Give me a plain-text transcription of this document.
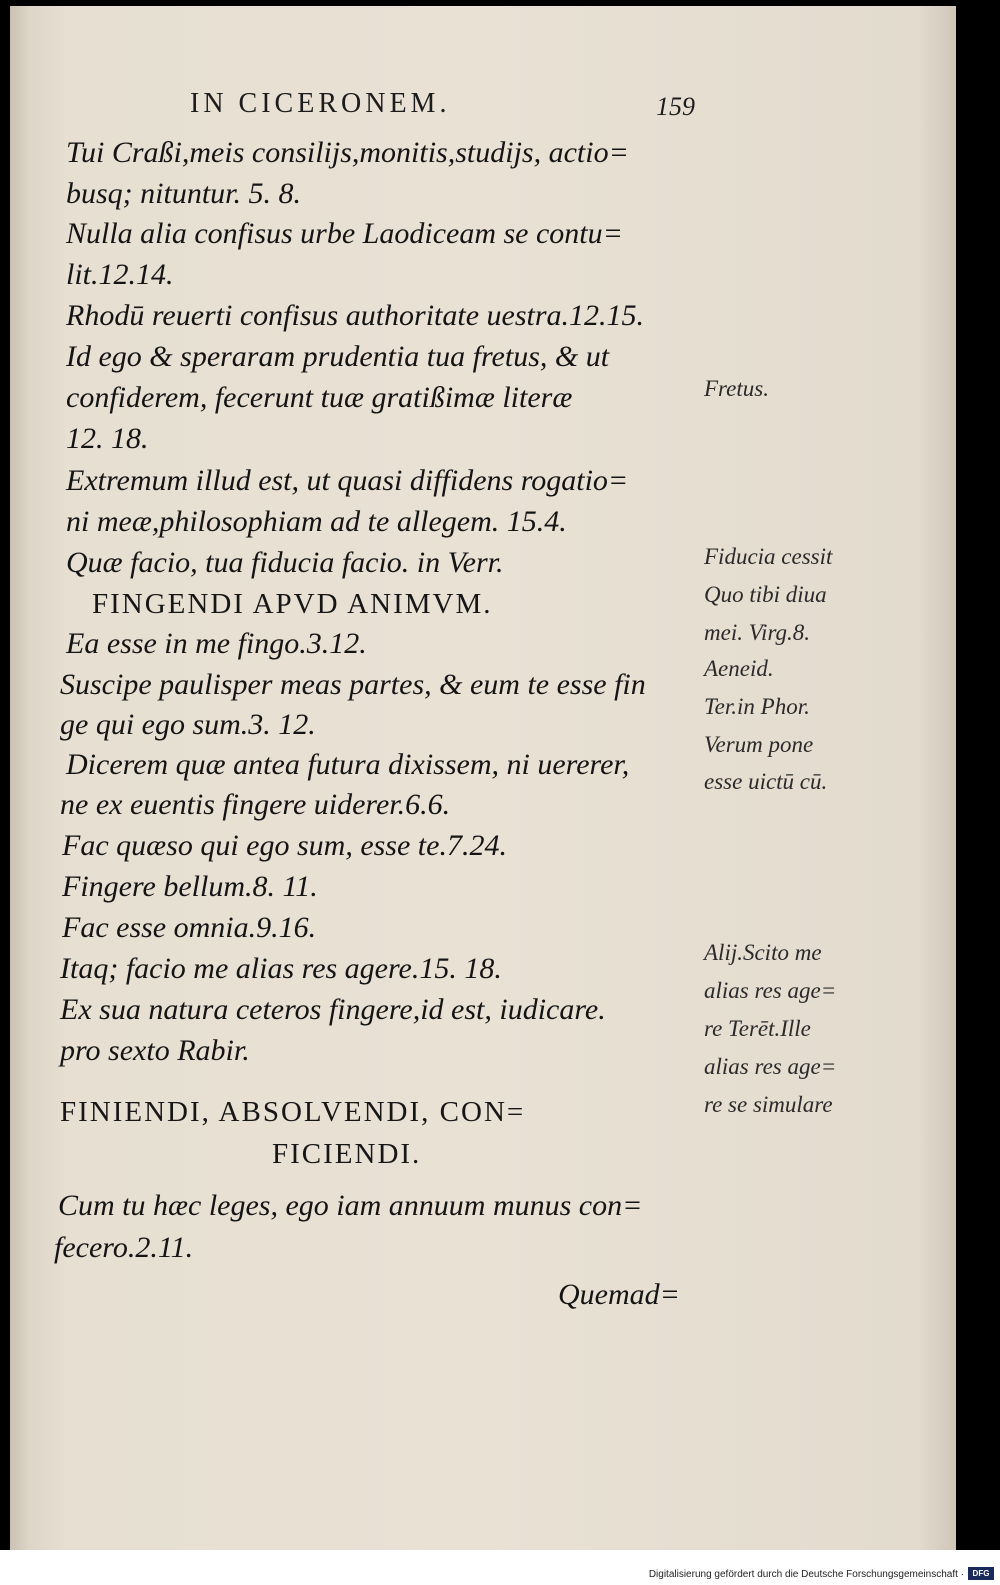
IN CICERONEM.	159
Tui Craßi,meis consilijs,monitis,studijs, actio=
busq; nituntur. 5. 8.
Nulla alia confisus urbe Laodiceam se contu=
lit.12.14.
Rhodū reuerti confisus authoritate uestra.12.15.
Id ego & speraram prudentia tua fretus, & ut
confiderem, fecerunt tuæ gratißimæ literæ
12. 18.
Extremum illud est, ut quasi diffidens rogatio=
ni meæ,philosophiam ad te allegem. 15.4.
Quæ facio, tua fiducia facio. in Verr.
FINGENDI APVD ANIMVM.
Ea esse in me fingo.3.12.
Suscipe paulisper meas partes, & eum te esse fin
ge qui ego sum.3. 12.
Dicerem quæ antea futura dixissem, ni uererer,
ne ex euentis fingere uiderer.6.6.
Fac quæso qui ego sum, esse te.7.24.
Fingere bellum.8. 11.
Fac esse omnia.9.16.
Itaq; facio me alias res agere.15. 18.
Ex sua natura ceteros fingere,id est, iudicare.
pro sexto Rabir.
FINIENDI, ABSOLVENDI, CON=
FICIENDI.
Cum tu hæc leges, ego iam annuum munus con=
fecero.2.11.
Quemad=
Fretus.
Fiducia cessit
Quo tibi diua
mei. Virg.8.
Aeneid.
Ter.in Phor.
Verum pone
esse uictū cū.
Alij.Scito me
alias res age=
re Terēt.Ille
alias res age=
re se simulare
Digitalisierung gefördert durch die Deutsche Forschungsgemeinschaft ·	DFG
